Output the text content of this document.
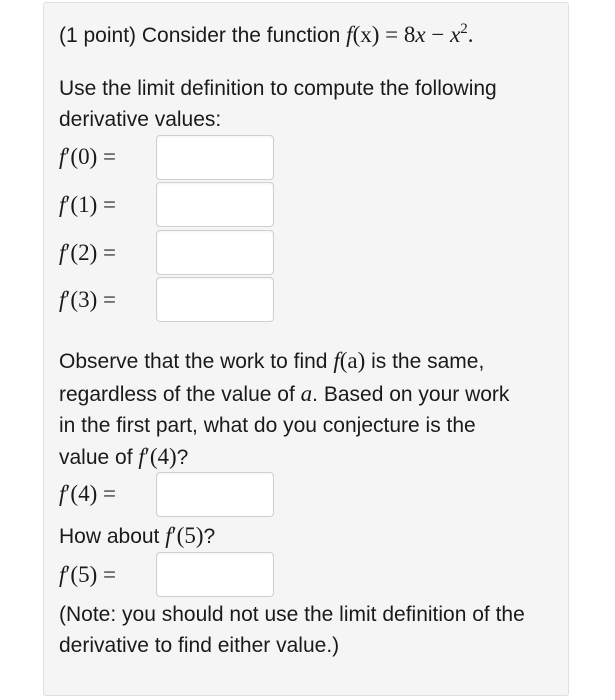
(1 point) Consider the function $f(x) = 8x - x^2$.
Use the limit definition to compute the following
derivative values:
f′(0) =
f′(1) =
f′(2) =
f′(3) =
Observe that the work to find f(a) is the same,
regardless of the value of a. Based on your work
in the first part, what do you conjecture is the
value of f′(4)?
f′(4) =
How about f′(5)?
f′(5) =
(Note: you should not use the limit definition of the
derivative to find either value.)
